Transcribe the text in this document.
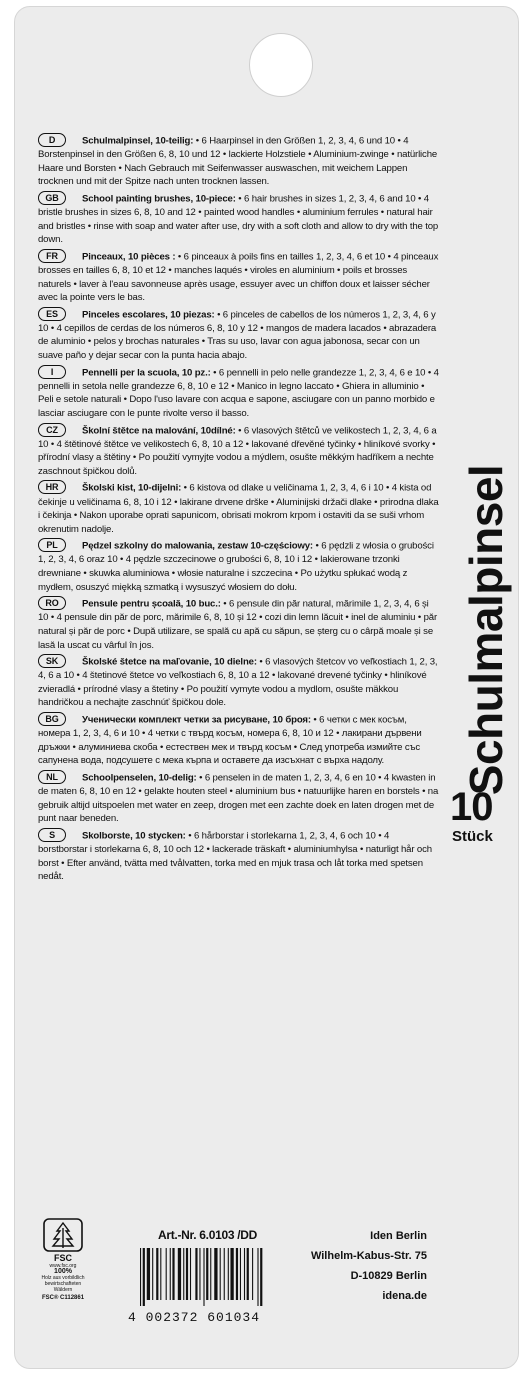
D	Schulmalpinsel, 10-teilig: • 6 Haarpinsel in den Größen 1, 2, 3, 4, 6 und 10 • 4 Borstenpinsel in den Größen 6, 8, 10 und 12 • lackierte Holzstiele • Aluminium-zwinge • natürliche Haare und Borsten • Nach Gebrauch mit Seifenwasser auswaschen, mit weichem Lappen trocknen und mit der Spitze nach unten trocknen lassen.

GB School painting brushes, 10-piece: • 6 hair brushes in sizes 1, 2, 3, 4, 6 and 10 • 4 bristle brushes in sizes 6, 8, 10 and 12 • painted wood handles • aluminium ferrules • natural hair and bristles • rinse with soap and water after use, dry with a soft cloth and allow to dry with the top down.

FR	Pinceaux, 10 pièces : • 6 pinceaux à poils fins en tailles 1, 2, 3, 4, 6 et 10 • 4 pinceaux brosses en tailles 6, 8, 10 et 12 • manches laqués • viroles en aluminium • poils et brosses naturels • laver à l'eau savonneuse après usage, essuyer avec un chiffon doux et laisser sécher avec la pointe vers le bas.

ES	Pinceles escolares, 10 piezas: • 6 pinceles de cabellos de los números 1, 2, 3, 4, 6 y 10 • 4 cepillos de cerdas de los números 6, 8, 10 y 12 • mangos de madera lacados • abrazadera de aluminio • pelos y brochas naturales • Tras su uso, lavar con agua jabonosa, secar con un suave paño y dejar secar con la punta hacia abajo.

I	Pennelli per la scuola, 10 pz.: • 6 pennelli in pelo nelle grandezze 1, 2, 3, 4, 6 e 10 • 4 pennelli in setola nelle grandezze 6, 8, 10 e 12 • Manico in legno laccato • Ghiera in alluminio • Peli e setole naturali • Dopo l'uso lavare con acqua e sapone, asciugare con un panno morbido e lasciar asciugare con le punte rivolte verso il basso.

CZ	Školní štětce na malování, 10dílné: • 6 vlasových štětců ve velikostech 1, 2, 3, 4, 6 a 10 • 4 štětinové štětce ve velikostech 6, 8, 10 a 12 • lakované dřevěné tyčinky • hliníkové svorky • přírodní vlasy a štětiny • Po použití vymyjte vodou a mýdlem, osušte měkkým hadříkem a nechte zaschnout špičkou dolů.

HR Školski kist, 10-dijelni: • 6 kistova od dlake u veličinama 1, 2, 3, 4, 6 i 10 • 4 kista od čekinje u veličinama 6, 8, 10 i 12 • lakirane drvene drške • Aluminijski držači dlake • prirodna dlaka i čekinja • Nakon uporabe oprati sapunicom, obrisati mokrom krpom i ostaviti da se suši vrhom okrenutim nadolje.

PL	Pędzel szkolny do malowania, zestaw 10-częściowy: • 6 pędzli z włosia o grubości 1, 2, 3, 4, 6 oraz 10 • 4 pędzle szczecinowe o grubości 6, 8, 10 i 12 • lakierowane trzonki drewniane • skuwka aluminiowa • włosie naturalne i szczecina • Po użytku spłukać wodą z mydłem, osuszyć miękką szmatką i wysuszyć włosiem do dołu.

RO Pensule pentru școală, 10 buc.: • 6 pensule din păr natural, mărimile 1, 2, 3, 4, 6 și 10 • 4 pensule din păr de porc, mărimile 6, 8, 10 și 12 • cozi din lemn lăcuit • inel de aluminiu • păr natural și păr de porc • După utilizare, se spală cu apă cu săpun, se șterg cu o cârpă moale și se lasă la uscat cu vârful în jos.

SK Školské štetce na maľovanie, 10 dielne: • 6 vlasových štetcov vo veľkostiach 1, 2, 3, 4, 6 a 10 • 4 štetinové štetce vo veľkostiach 6, 8, 10 a 12 • lakované drevené tyčinky • hliníkové zvieradlá • prírodné vlasy a štetiny • Po použití vymyte vodou a mydlom, osušte mäkkou handričkou a nechajte zaschnúť špičkou dole.

BG Ученически комплект четки за рисуване, 10 броя: • 6 четки с мек косъм, номера 1, 2, 3, 4, 6 и 10 • 4 четки с твърд косъм, номера 6, 8, 10 и 12 • лакирани дървени дръжки • алуминиева скоба • естествен мек и твърд косъм • След употреба измийте със сапунена вода, подсушете с мека кърпа и оставете да изсъхнат с върха надолу.

NL	Schoolpenselen, 10-delig: • 6 penselen in de maten 1, 2, 3, 4, 6 en 10 • 4 kwasten in de maten 6, 8, 10 en 12 • gelakte houten steel • aluminium bus • natuurlijke haren en borstels • na gebruik altijd uitspoelen met water en zeep, drogen met een zachte doek en laten drogen met de punt naar beneden.

S	Skolborste, 10 stycken: • 6 hårborstar i storlekarna 1, 2, 3, 4, 6 och 10 • 4 borstborstar i storlekarna 6, 8, 10 och 12 • lackerade träskaft • aluminiumhylsa • naturligt hår och borst • Efter använd, tvätta med tvålvatten, torka med en mjuk trasa och låt torka med spetsen nedåt.

Schulmalpinsel
10
Stück
FSC
www.fsc.org
100%
Holz aus vorbildlich bewirtschafteten Wäldern
FSC® C112861
Art.-Nr. 6.0103 /DD
4 002372 601034
Iden Berlin
Wilhelm-Kabus-Str. 75
D-10829 Berlin
idena.de
